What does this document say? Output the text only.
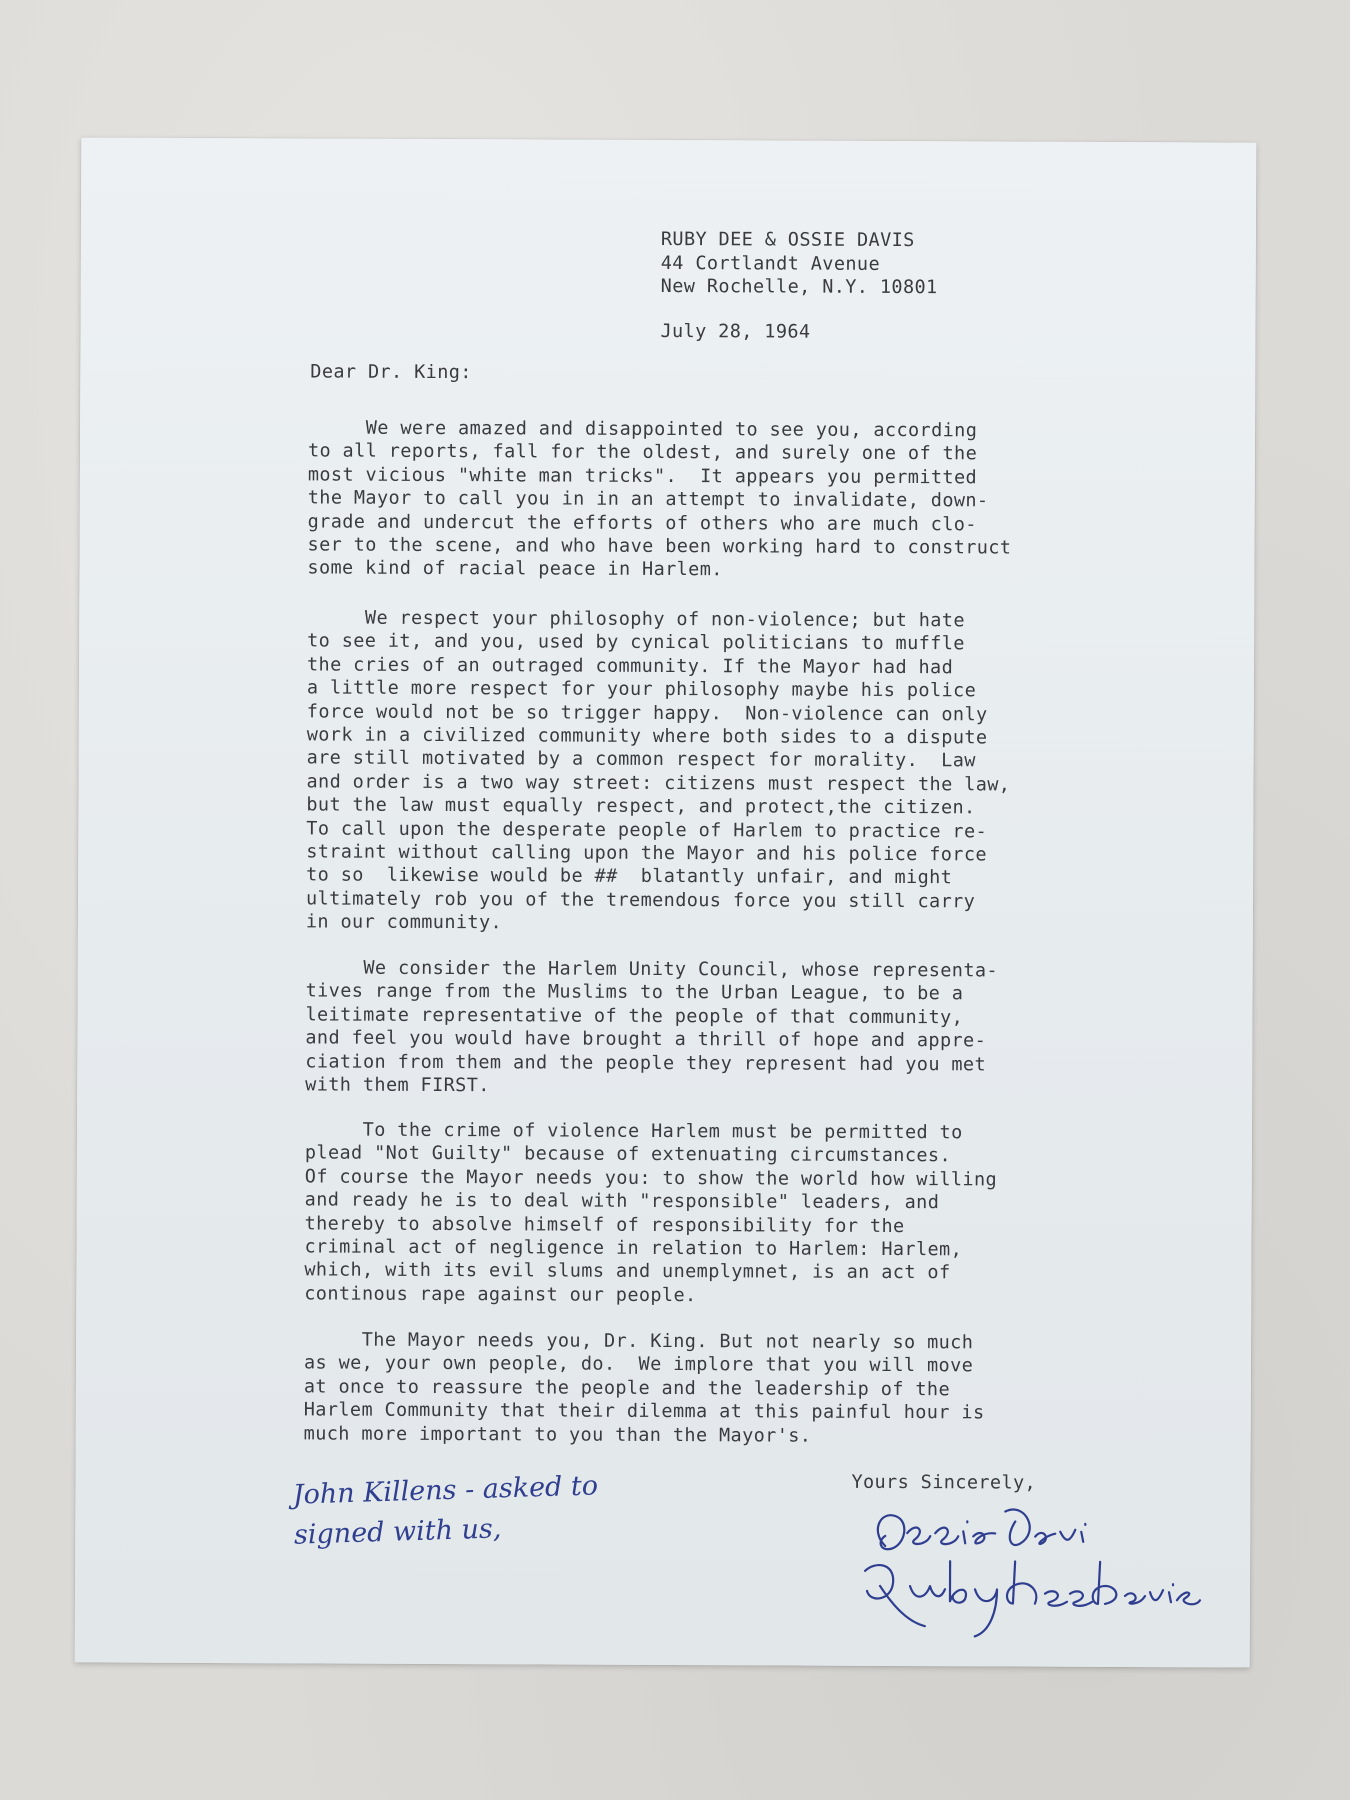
RUBY DEE & OSSIE DAVIS
44 Cortlandt Avenue
New Rochelle, N.Y. 10801
July 28, 1964
Dear Dr. King:
We were amazed and disappointed to see you, according
to all reports, fall for the oldest, and surely one of the
most vicious "white man tricks".  It appears you permitted
the Mayor to call you in in an attempt to invalidate, down-
grade and undercut the efforts of others who are much clo-
ser to the scene, and who have been working hard to construct
some kind of racial peace in Harlem.
We respect your philosophy of non-violence; but hate
to see it, and you, used by cynical politicians to muffle
the cries of an outraged community. If the Mayor had had
a little more respect for your philosophy maybe his police
force would not be so trigger happy.  Non-violence can only
work in a civilized community where both sides to a dispute
are still motivated by a common respect for morality.  Law
and order is a two way street: citizens must respect the law,
but the law must equally respect, and protect,the citizen.
To call upon the desperate people of Harlem to practice re-
straint without calling upon the Mayor and his police force
to so  likewise would be ##  blatantly unfair, and might
ultimately rob you of the tremendous force you still carry
in our community.
We consider the Harlem Unity Council, whose representa-
tives range from the Muslims to the Urban League, to be a
leitimate representative of the people of that community,
and feel you would have brought a thrill of hope and appre-
ciation from them and the people they represent had you met
with them FIRST.
To the crime of violence Harlem must be permitted to
plead "Not Guilty" because of extenuating circumstances.
Of course the Mayor needs you: to show the world how willing
and ready he is to deal with "responsible" leaders, and
thereby to absolve himself of responsibility for the
criminal act of negligence in relation to Harlem: Harlem,
which, with its evil slums and unemplymnet, is an act of
continous rape against our people.
The Mayor needs you, Dr. King. But not nearly so much
as we, your own people, do.  We implore that you will move
at once to reassure the people and the leadership of the
Harlem Community that their dilemma at this painful hour is
much more important to you than the Mayor's.
Yours Sincerely,
John Killens - asked to
signed with us,
